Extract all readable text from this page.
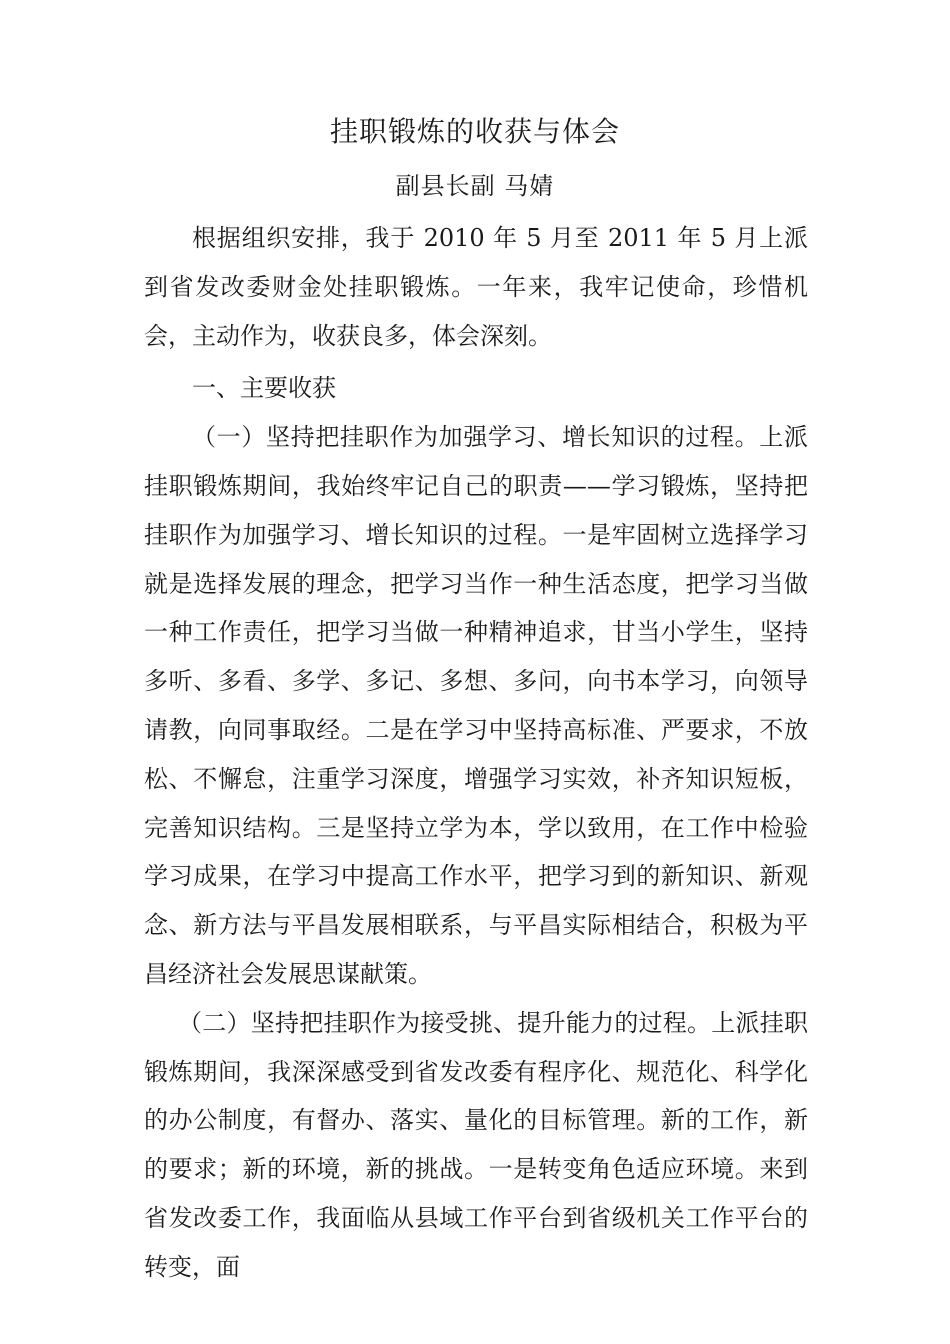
挂职锻炼的收获与体会
副县长副 马婧

根据组织安排，我于 2010 年 5 月至 2011 年 5 月上派到省发改委财金处挂职锻炼。一年来，我牢记使命，珍惜机会，主动作为，收获良多，体会深刻。

一、主要收获

（一）坚持把挂职作为加强学习、增长知识的过程。上派挂职锻炼期间，我始终牢记自己的职责——学习锻炼，坚持把挂职作为加强学习、增长知识的过程。一是牢固树立选择学习就是选择发展的理念，把学习当作一种生活态度，把学习当做一种工作责任，把学习当做一种精神追求，甘当小学生，坚持多听、多看、多学、多记、多想、多问，向书本学习，向领导请教，向同事取经。二是在学习中坚持高标准、严要求，不放松、不懈怠，注重学习深度，增强学习实效，补齐知识短板，完善知识结构。三是坚持立学为本，学以致用，在工作中检验学习成果，在学习中提高工作水平，把学习到的新知识、新观念、新方法与平昌发展相联系，与平昌实际相结合，积极为平昌经济社会发展思谋献策。

（二）坚持把挂职作为接受挑、提升能力的过程。上派挂职锻炼期间，我深深感受到省发改委有程序化、规范化、科学化的办公制度，有督办、落实、量化的目标管理。新的工作，新的要求；新的环境，新的挑战。一是转变角色适应环境。来到省发改委工作，我面临从县域工作平台到省级机关工作平台的转变，面
